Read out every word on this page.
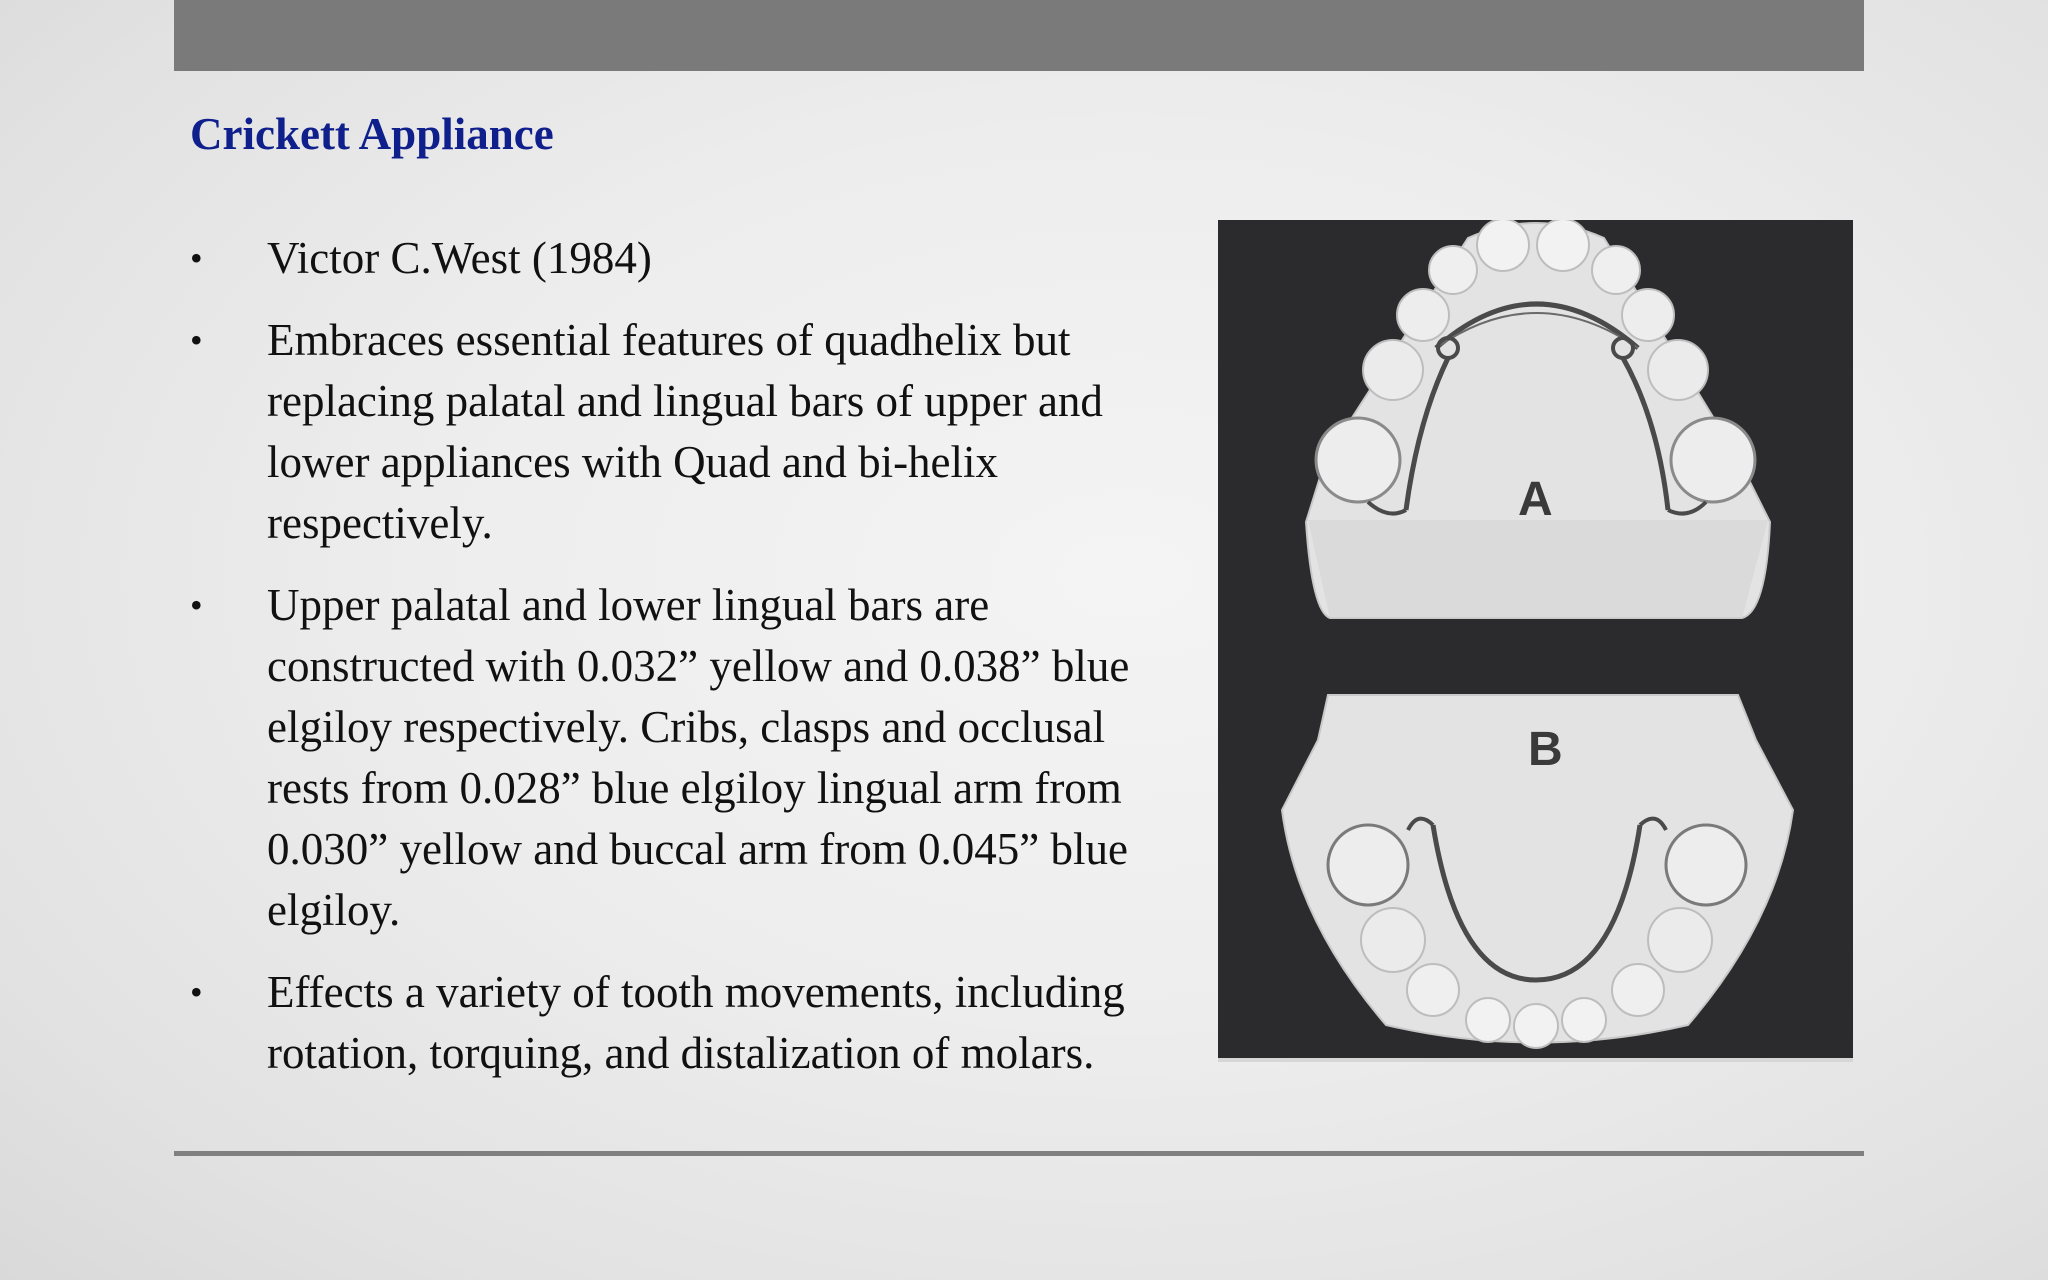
Crickett Appliance
•	Victor C.West (1984)
•	Embraces essential features of quadhelix but replacing palatal and lingual bars of upper and lower appliances with Quad and bi-helix respectively.
•	Upper palatal and lower lingual bars are constructed with 0.032” yellow and 0.038” blue elgiloy respectively. Cribs, clasps and occlusal rests from 0.028” blue elgiloy lingual arm from 0.030” yellow and buccal arm from 0.045” blue elgiloy.
•	Effects a variety of tooth movements, including rotation, torquing, and distalization of molars.
A
B
